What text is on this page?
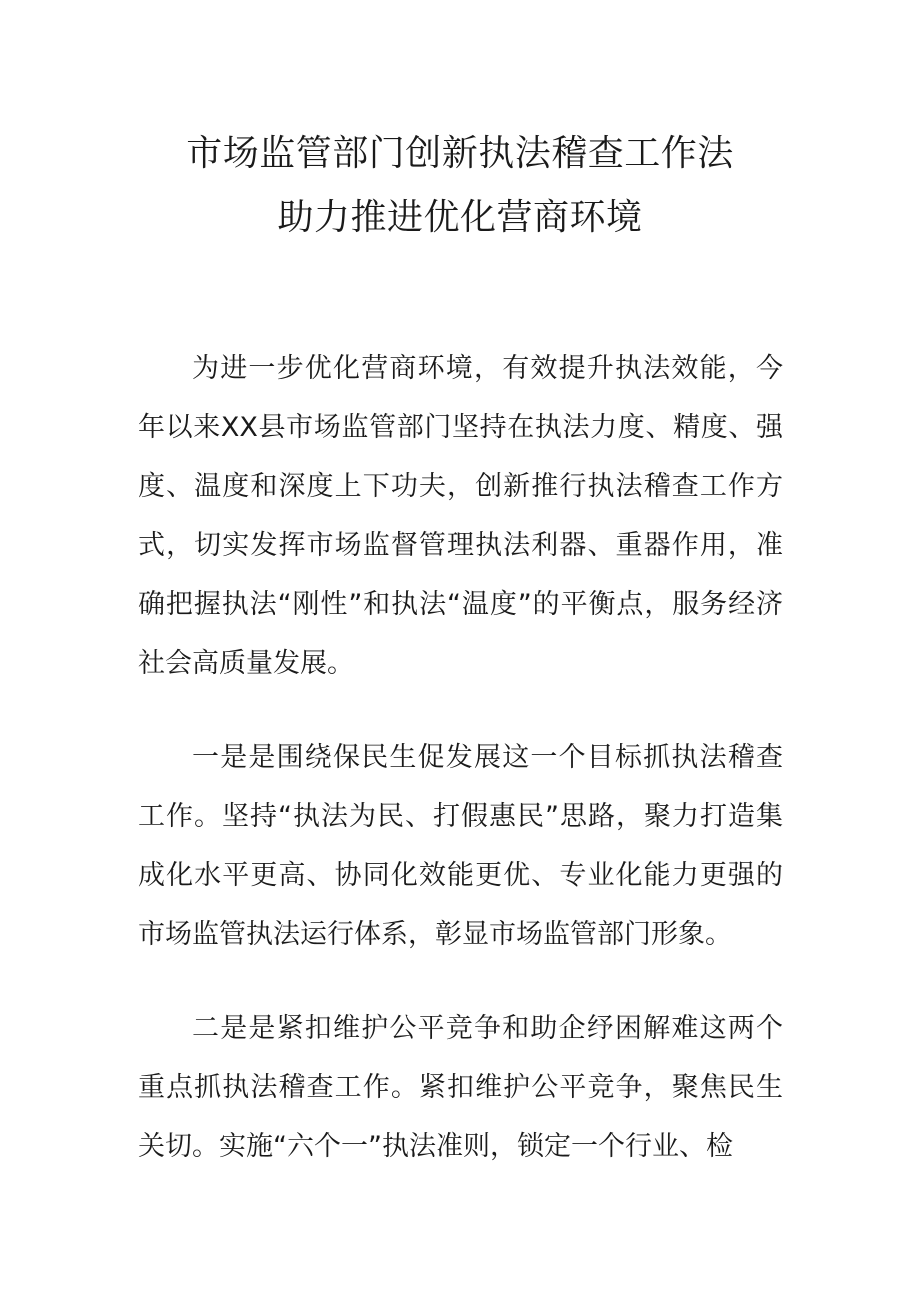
市场监管部门创新执法稽查工作法
助力推进优化营商环境

为进一步优化营商环境，有效提升执法效能，今年以来XX县市场监管部门坚持在执法力度、精度、强度、温度和深度上下功夫，创新推行执法稽查工作方式，切实发挥市场监督管理执法利器、重器作用，准确把握执法“刚性”和执法“温度”的平衡点，服务经济社会高质量发展。

一是是围绕保民生促发展这一个目标抓执法稽查工作。坚持“执法为民、打假惠民”思路，聚力打造集成化水平更高、协同化效能更优、专业化能力更强的市场监管执法运行体系，彰显市场监管部门形象。

二是是紧扣维护公平竞争和助企纾困解难这两个重点抓执法稽查工作。紧扣维护公平竞争，聚焦民生关切。实施“六个一”执法准则，锁定一个行业、检
